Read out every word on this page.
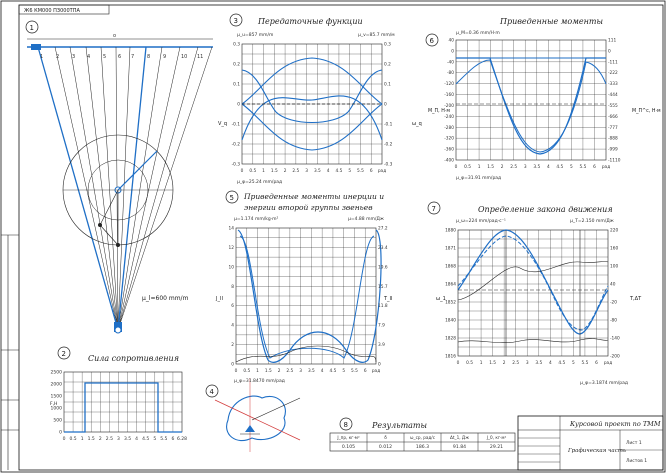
Ж6 КМ000 ПЗ000ТПА
1
o
1	2	3 4	5 6 7	8	9	10 11
μ_l=600 mm/m
2	Сила сопротивления
2500
2000
1500
1000
500
0
0 0.5 1 1.5 2 2.5 3 3.5 4 4.5 5 5.5 6 6.28
F,H
3	Передаточные функции
μ_u=857 mm/m	μ_v=85.7 mm/м
0.3
0.2
0.1
0
-0.1
-0.2
-0.3
0.3
0.2
0.1
0
-0.1
-0.2
-0.3
0 0.5 1 1.5 2 2.5 3 3.5 4 4.5 5 5.5 6 рад
μ_φ=25.24 mm/рад
V_q	ω_q
4
5 Приведенные моменты инерции и
энергии второй группы звеньев
μ=1.174 mm/kg·m²	μ=4.88 mm/Дж
14
12
10
8
6
4
2
0
27.2
23.4
19.6
15.7
11.8
7.9
3.9
0
0 0.5 1 1.5 2 2.5 3 3.5 4 4.5 5 5.5 6 рад
μ_φ=31.8470 mm/рад
J_II	T_II
6
Приведенные моменты
μ_M=0.36 mm/H·m
40
0
-40
-80
-120
-160
-200
-240
-280
-320
-360
-400
111
0
-111
-222
-333
-444
-555
-666
-777
-888
-999
-1110
0 0.5 1 1.5 2 2.5 3 3.5 4 4.5 5 5.5 6 рад
μ_φ=31.91 mm/рад
M_П, Н·м	M_П^с, Н·м
7	Определение закона движения
μ_ω=224 mm/рад·с⁻¹	μ_T=2.150 mm/Дж
1880
1871
1868
1864
1852
1840
1828
1816
220
160
100
40
-20
-80
-140
-200
0 0.5 1 1.5 2 2.5 3 3.5 4 4.5 5 5.5 6 рад
μ_φ=3.1874 mm/рад
ω_1	T,ΔT
8	Результаты
J_пр, кг·м²	δ	ω_ср, рад/с	Δt_1, Дж	J_0, кг·м²
0.105	0.012	186.3	91.84	29.21
Курсовой проект по ТММ
Графическая часть
Лист 1
Листов 1
